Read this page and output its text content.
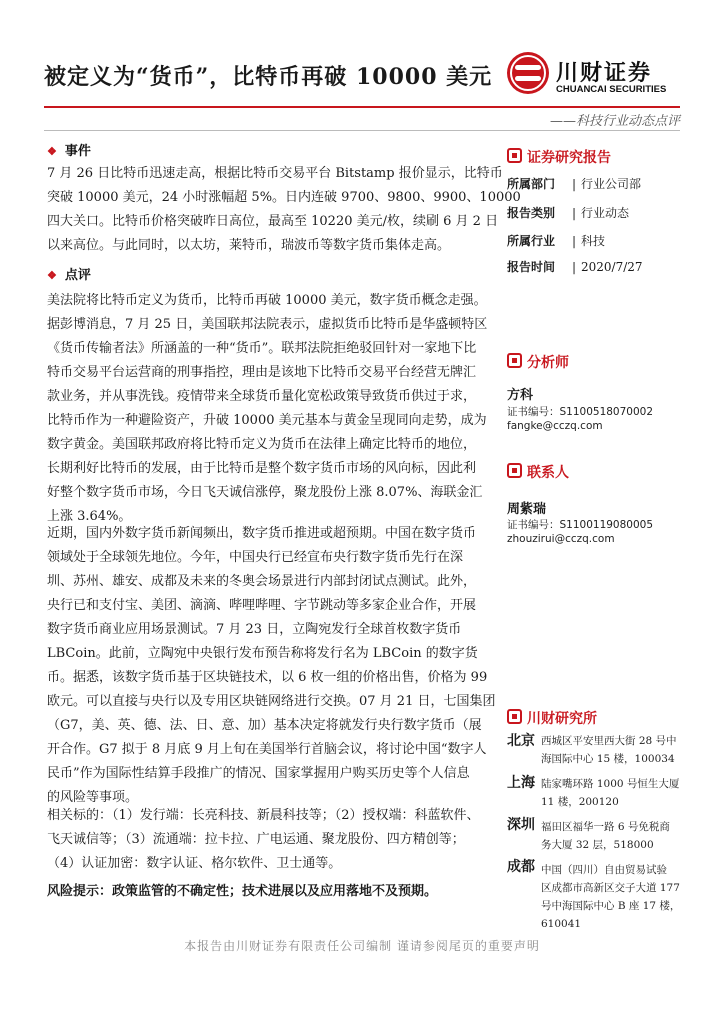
被定义为“货币”，比特币再破 10000 美元	川财证券
CHUANCAI SECURITIES
——科技行业动态点评
❖ 事件
7 月 26 日比特币迅速走高，根据比特币交易平台 Bitstamp 报价显示，比特币
突破 10000 美元，24 小时涨幅超 5%。日内连破 9700、9800、9900、10000
四大关口。比特币价格突破昨日高位，最高至 10220 美元/枚，续刷 6 月 2 日
以来高位。与此同时，以太坊，莱特币，瑞波币等数字货币集体走高。
❖ 点评
美法院将比特币定义为货币，比特币再破 10000 美元，数字货币概念走强。
据彭博消息，7 月 25 日，美国联邦法院表示，虚拟货币比特币是华盛顿特区
《货币传输者法》所涵盖的一种“货币”。联邦法院拒绝驳回针对一家地下比
特币交易平台运营商的刑事指控，理由是该地下比特币交易平台经营无牌汇
款业务，并从事洗钱。疫情带来全球货币量化宽松政策导致货币供过于求，
比特币作为一种避险资产，升破 10000 美元基本与黄金呈现同向走势，成为
数字黄金。美国联邦政府将比特币定义为货币在法律上确定比特币的地位，
长期利好比特币的发展，由于比特币是整个数字货币市场的风向标，因此利
好整个数字货币市场，今日飞天诚信涨停，聚龙股份上涨 8.07%、海联金汇
上涨 3.64%。
近期，国内外数字货币新闻频出，数字货币推进或超预期。中国在数字货币
领域处于全球领先地位。今年，中国央行已经宣布央行数字货币先行在深
圳、苏州、雄安、成都及未来的冬奥会场景进行内部封闭试点测试。此外，
央行已和支付宝、美团、滴滴、哔哩哔哩、字节跳动等多家企业合作，开展
数字货币商业应用场景测试。7 月 23 日，立陶宛发行全球首枚数字货币
LBCoin。此前，立陶宛中央银行发布预告称将发行名为 LBCoin 的数字货
币。据悉，该数字货币基于区块链技术，以 6 枚一组的价格出售，价格为 99
欧元。可以直接与央行以及专用区块链网络进行交换。07 月 21 日，七国集团
（G7，美、英、德、法、日、意、加）基本决定将就发行央行数字货币（展
开合作。G7 拟于 8 月底 9 月上旬在美国举行首脑会议，将讨论中国“数字人
民币”作为国际性结算手段推广的情况、国家掌握用户购买历史等个人信息
的风险等事项。
相关标的：（1）发行端：长亮科技、新晨科技等；（2）授权端：科蓝软件、
飞天诚信等；（3）流通端：拉卡拉、广电运通、聚龙股份、四方精创等；
（4）认证加密：数字认证、格尔软件、卫士通等。
风险提示：政策监管的不确定性；技术进展以及应用落地不及预期。
证券研究报告
所属部门 | 行业公司部
报告类别 | 行业动态
所属行业 | 科技
报告时间 | 2020/7/27
分析师
方科
证书编号：S1100518070002
fangke@cczq.com
联系人
周紫瑞
证书编号：S1100119080005
zhouzirui@cczq.com
川财研究所
北京 西城区平安里西大街 28 号中
海国际中心 15 楼，100034
上海 陆家嘴环路 1000 号恒生大厦
11 楼，200120
深圳 福田区福华一路 6 号免税商
务大厦 32 层，518000
成都 中国（四川）自由贸易试验
区成都市高新区交子大道 177
号中海国际中心 B 座 17 楼，
610041
本报告由川财证券有限责任公司编制 谨请参阅尾页的重要声明
